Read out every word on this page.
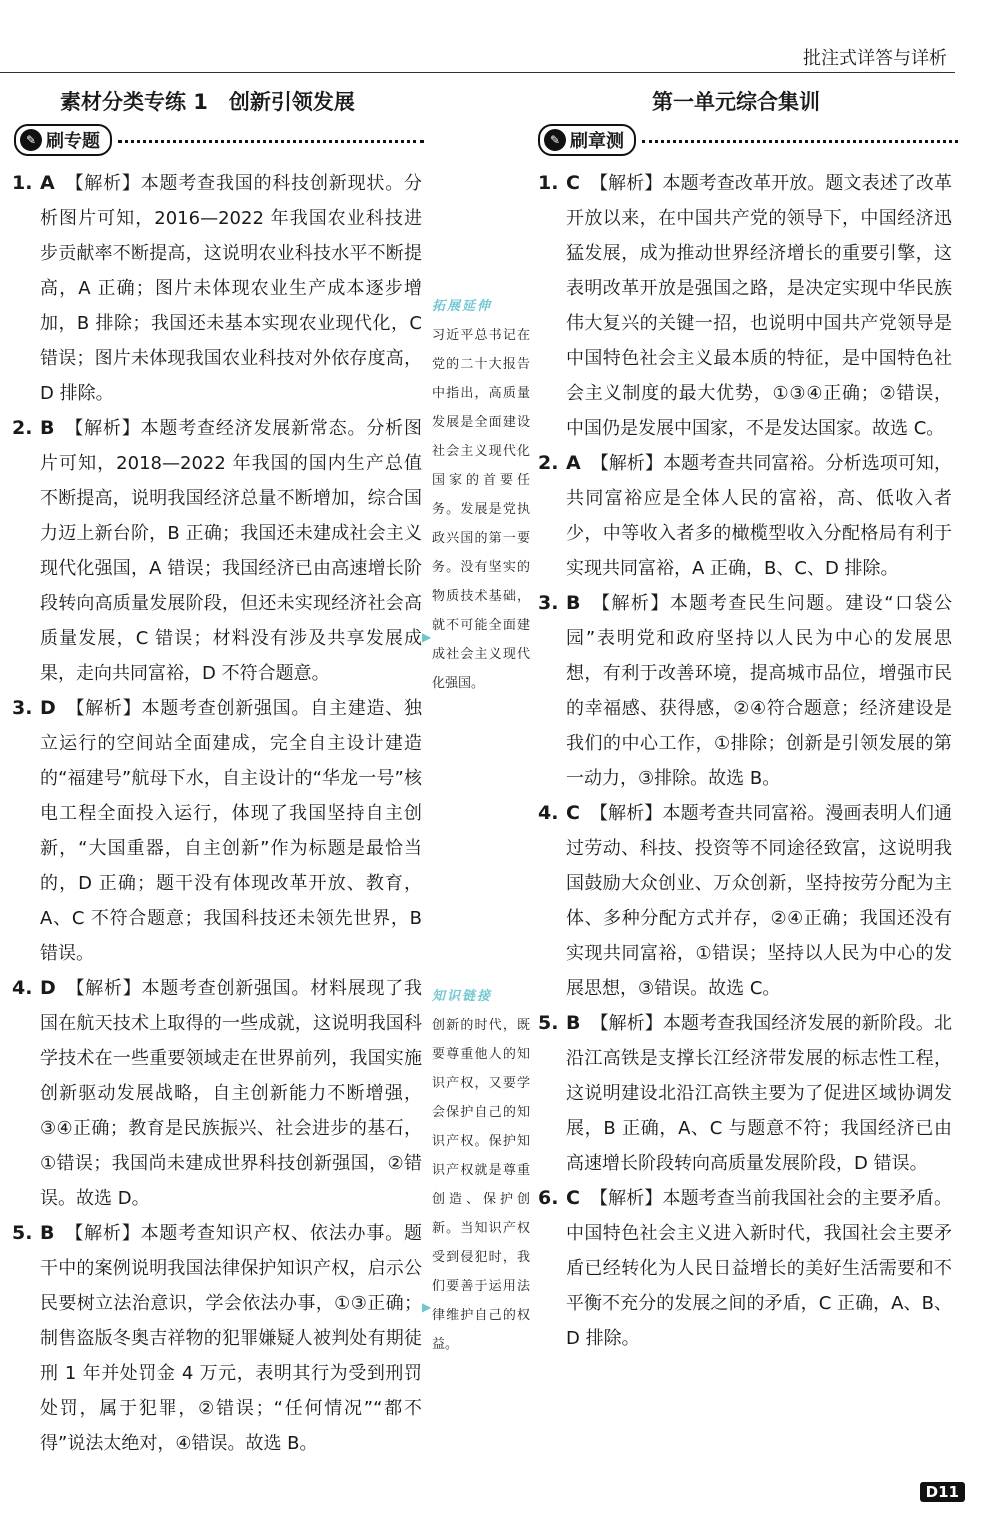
批注式详答与详析
素材分类专练 1　创新引领发展	第一单元综合集训
✎ 刷专题	✎ 刷章测
1. A 【解析】本题考查我国的科技创新现状。分析图片可知，2016—2022 年我国农业科技进步贡献率不断提高，这说明农业科技水平不断提高，A 正确；图片未体现农业生产成本逐步增加，B 排除；我国还未基本实现农业现代化，C 错误；图片未体现我国农业科技对外依存度高，D 排除。
2. B 【解析】本题考查经济发展新常态。分析图片可知，2018—2022 年我国的国内生产总值不断提高，说明我国经济总量不断增加，综合国力迈上新台阶，B 正确；我国还未建成社会主义现代化强国，A 错误；我国经济已由高速增长阶段转向高质量发展阶段，但还未实现经济社会高质量发展，C 错误；材料没有涉及共享发展成果，走向共同富裕，D 不符合题意。
3. D 【解析】本题考查创新强国。自主建造、独立运行的空间站全面建成，完全自主设计建造的“福建号”航母下水，自主设计的“华龙一号”核电工程全面投入运行，体现了我国坚持自主创新，“大国重器，自主创新”作为标题是最恰当的，D 正确；题干没有体现改革开放、教育，A、C 不符合题意；我国科技还未领先世界，B 错误。
4. D 【解析】本题考查创新强国。材料展现了我国在航天技术上取得的一些成就，这说明我国科学技术在一些重要领域走在世界前列，我国实施创新驱动发展战略，自主创新能力不断增强，③④正确；教育是民族振兴、社会进步的基石，①错误；我国尚未建成世界科技创新强国，②错误。故选 D。
5. B 【解析】本题考查知识产权、依法办事。题干中的案例说明我国法律保护知识产权，启示公民要树立法治意识，学会依法办事，①③正确；制售盗版冬奥吉祥物的犯罪嫌疑人被判处有期徒刑 1 年并处罚金 4 万元，表明其行为受到刑罚处罚，属于犯罪，②错误；“任何情况”“都不得”说法太绝对，④错误。故选 B。
拓展延伸
习近平总书记在党的二十大报告中指出，高质量发展是全面建设社会主义现代化国家的首要任务。发展是党执政兴国的第一要务。没有坚实的物质技术基础，就不可能全面建成社会主义现代化强国。
▶
知识链接
创新的时代，既要尊重他人的知识产权，又要学会保护自己的知识产权。保护知识产权就是尊重创造、保护创新。当知识产权受到侵犯时，我们要善于运用法律维护自己的权益。
▶
1. C 【解析】本题考查改革开放。题文表述了改革开放以来，在中国共产党的领导下，中国经济迅猛发展，成为推动世界经济增长的重要引擎，这表明改革开放是强国之路，是决定实现中华民族伟大复兴的关键一招，也说明中国共产党领导是中国特色社会主义最本质的特征，是中国特色社会主义制度的最大优势，①③④正确；②错误，中国仍是发展中国家，不是发达国家。故选 C。
2. A 【解析】本题考查共同富裕。分析选项可知，共同富裕应是全体人民的富裕，高、低收入者少，中等收入者多的橄榄型收入分配格局有利于实现共同富裕，A 正确，B、C、D 排除。
3. B 【解析】本题考查民生问题。建设“口袋公园”表明党和政府坚持以人民为中心的发展思想，有利于改善环境，提高城市品位，增强市民的幸福感、获得感，②④符合题意；经济建设是我们的中心工作，①排除；创新是引领发展的第一动力，③排除。故选 B。
4. C 【解析】本题考查共同富裕。漫画表明人们通过劳动、科技、投资等不同途径致富，这说明我国鼓励大众创业、万众创新，坚持按劳分配为主体、多种分配方式并存，②④正确；我国还没有实现共同富裕，①错误；坚持以人民为中心的发展思想，③错误。故选 C。
5. B 【解析】本题考查我国经济发展的新阶段。北沿江高铁是支撑长江经济带发展的标志性工程，这说明建设北沿江高铁主要为了促进区域协调发展，B 正确，A、C 与题意不符；我国经济已由高速增长阶段转向高质量发展阶段，D 错误。
6. C 【解析】本题考查当前我国社会的主要矛盾。中国特色社会主义进入新时代，我国社会主要矛盾已经转化为人民日益增长的美好生活需要和不平衡不充分的发展之间的矛盾，C 正确，A、B、D 排除。
D11
